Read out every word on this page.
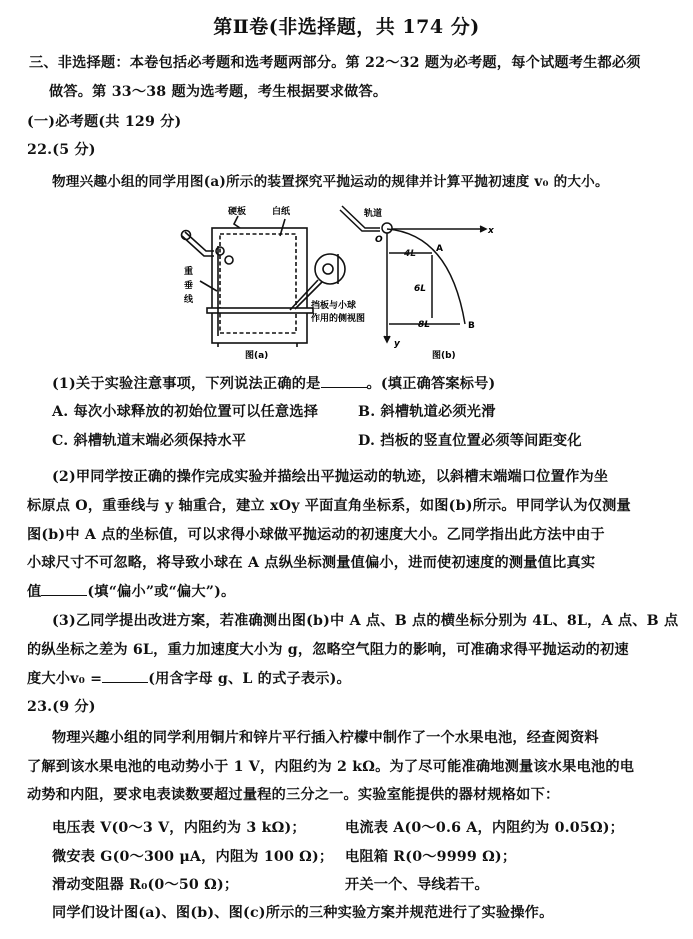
第Ⅱ卷(非选择题，共 174 分)
三、非选择题：本卷包括必考题和选考题两部分。第 22～32 题为必考题，每个试题考生都必须
做答。第 33～38 题为选考题，考生根据要求做答。
(一)必考题(共 129 分)
22.(5 分)
物理兴趣小组的同学用图(a)所示的装置探究平抛运动的规律并计算平抛初速度 v₀ 的大小。
硬板	白纸
重
垂
线
挡板与小球
作用的侧视图
图(a)
轨道
O
x
y
A
B
4L
6L
8L
图(b)
(1)关于实验注意事项，下列说法正确的是	。(填正确答案标号)
A. 每次小球释放的初始位置可以任意选择	B. 斜槽轨道必须光滑
C. 斜槽轨道末端必须保持水平	D. 挡板的竖直位置必须等间距变化
(2)甲同学按正确的操作完成实验并描绘出平抛运动的轨迹，以斜槽末端端口位置作为坐
标原点 O，重垂线与 y 轴重合，建立 xOy 平面直角坐标系，如图(b)所示。甲同学认为仅测量
图(b)中 A 点的坐标值，可以求得小球做平抛运动的初速度大小。乙同学指出此方法中由于
小球尺寸不可忽略，将导致小球在 A 点纵坐标测量值偏小，进而使初速度的测量值比真实
值	(填“偏小”或“偏大”)。
(3)乙同学提出改进方案，若准确测出图(b)中 A 点、B 点的横坐标分别为 4L、8L，A 点、B 点
的纵坐标之差为 6L，重力加速度大小为 g，忽略空气阻力的影响，可准确求得平抛运动的初速
度大小v₀ =	(用含字母 g、L 的式子表示)。
23.(9 分)
物理兴趣小组的同学利用铜片和锌片平行插入柠檬中制作了一个水果电池，经查阅资料
了解到该水果电池的电动势小于 1 V，内阻约为 2 kΩ。为了尽可能准确地测量该水果电池的电
动势和内阻，要求电表读数要超过量程的三分之一。实验室能提供的器材规格如下：
电压表 V(0～3 V，内阻约为 3 kΩ)；	电流表 A(0～0.6 A，内阻约为 0.05Ω)；
微安表 G(0～300 μA，内阻为 100 Ω)； 电阻箱 R(0～9999 Ω)；
滑动变阻器 R₀(0～50 Ω)；	开关一个、导线若干。
同学们设计图(a)、图(b)、图(c)所示的三种实验方案并规范进行了实验操作。
